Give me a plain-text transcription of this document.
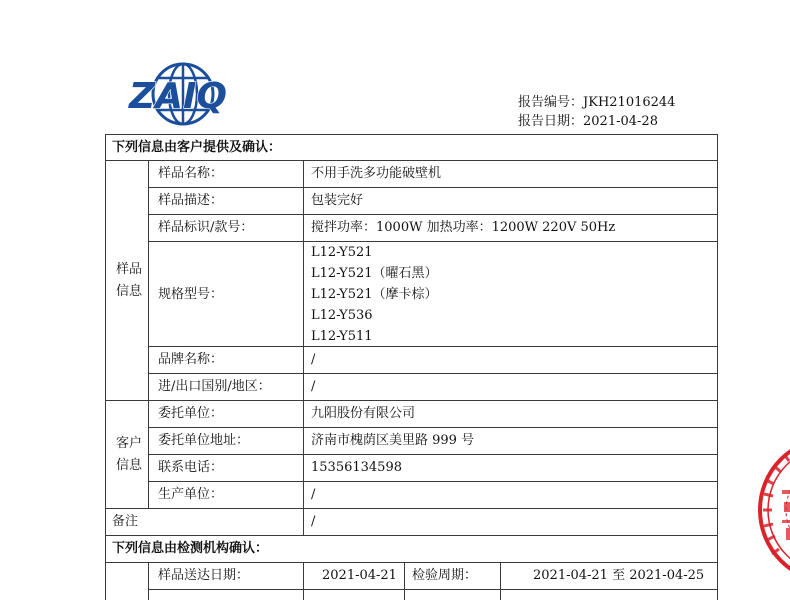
ZAIQ	报告编号：JKH21016244
报告日期：2021-04-28
下列信息由客户提供及确认：
样品
信息
样品名称：	不用手洗多功能破壁机
样品描述：	包装完好
样品标识/款号：	搅拌功率：1000W 加热功率：1200W 220V 50Hz
规格型号：
L12-Y521
L12-Y521（曜石黑）
L12-Y521（摩卡棕）
L12-Y536
L12-Y511
品牌名称：	/
进/出口国别/地区：	/
客户
信息
委托单位：	九阳股份有限公司
委托单位地址：	济南市槐荫区美里路 999 号
联系电话：	15356134598
生产单位：	/
备注	/
下列信息由检测机构确认：
样品送达日期：	2021-04-21 检验周期：	2021-04-21 至 2021-04-25
